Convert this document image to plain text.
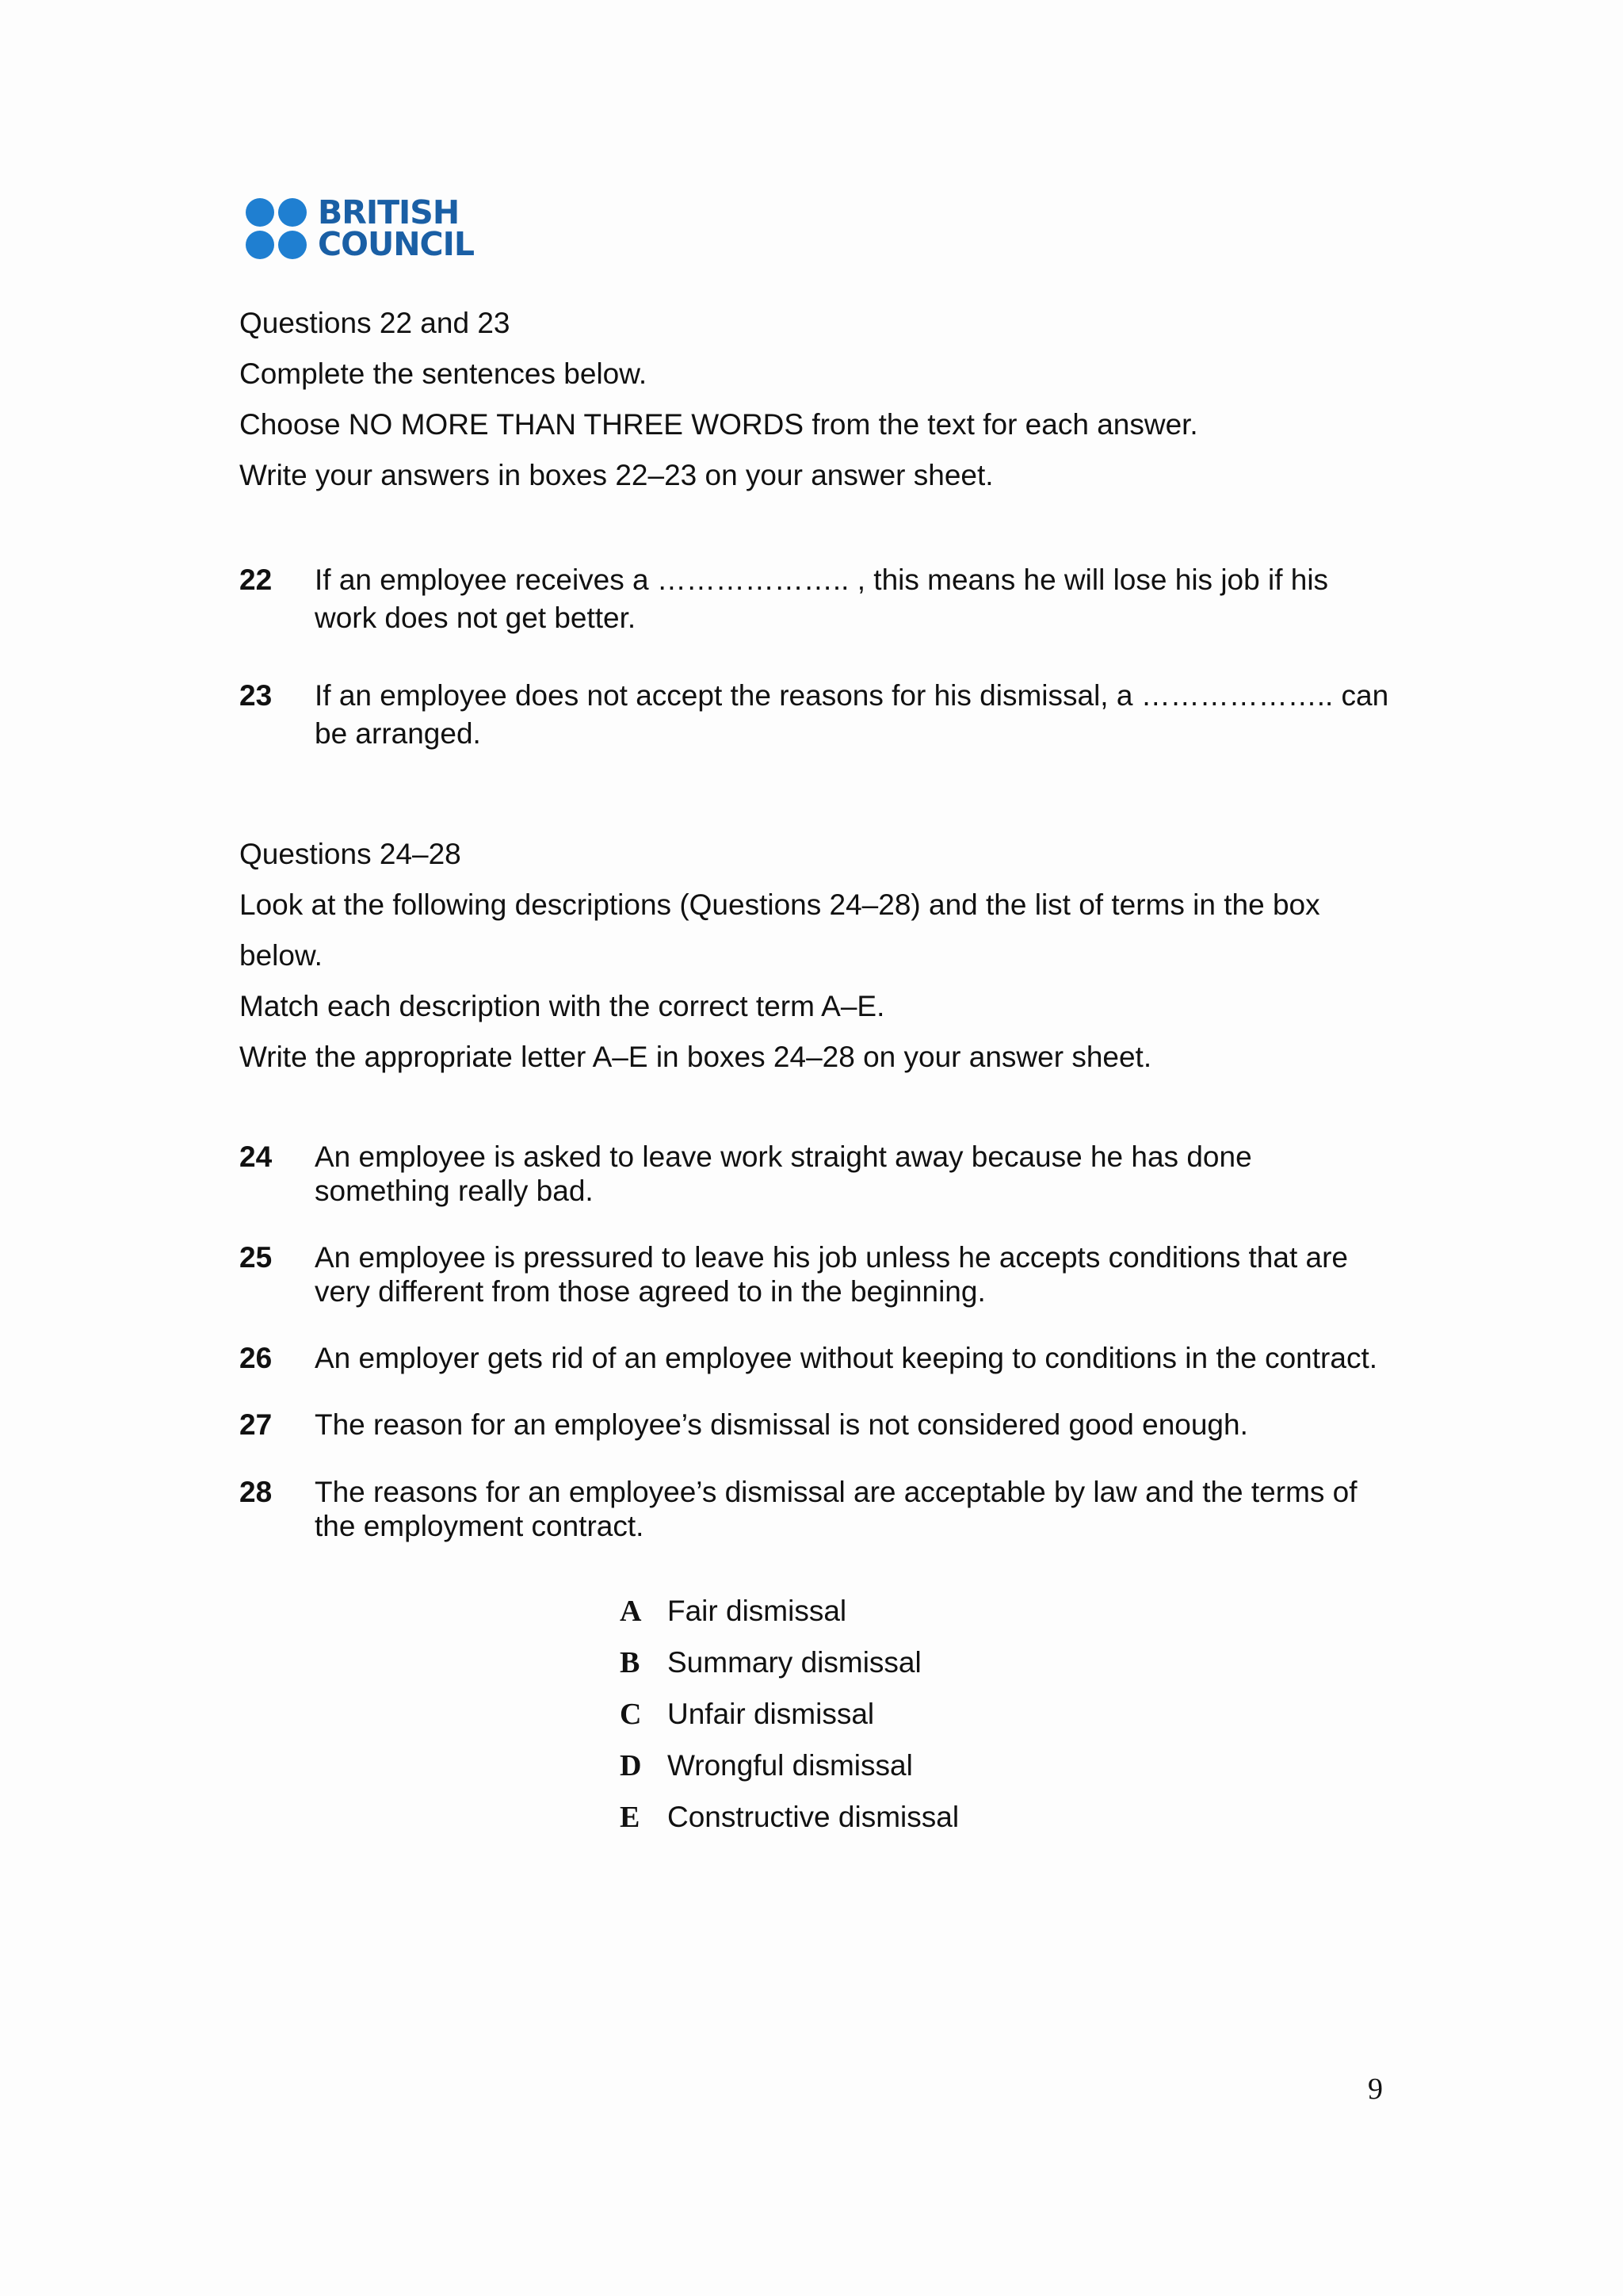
BRITISH
COUNCIL
Questions 22 and 23
Complete the sentences below.
Choose NO MORE THAN THREE WORDS from the text for each answer.
Write your answers in boxes 22–23 on your answer sheet.
22 If an employee receives a ……………….. , this means he will lose his job if his work does not get better.
23 If an employee does not accept the reasons for his dismissal, a ……………….. can be arranged.
Questions 24–28
Look at the following descriptions (Questions 24–28) and the list of terms in the box
below.
Match each description with the correct term A–E.
Write the appropriate letter A–E in boxes 24–28 on your answer sheet.
24 An employee is asked to leave work straight away because he has done something really bad.
25 An employee is pressured to leave his job unless he accepts conditions that are very different from those agreed to in the beginning.
26 An employer gets rid of an employee without keeping to conditions in the contract.
27 The reason for an employee’s dismissal is not considered good enough.
28 The reasons for an employee’s dismissal are acceptable by law and the terms of the employment contract.
A Fair dismissal
B Summary dismissal
C Unfair dismissal
D Wrongful dismissal
E Constructive dismissal
9
